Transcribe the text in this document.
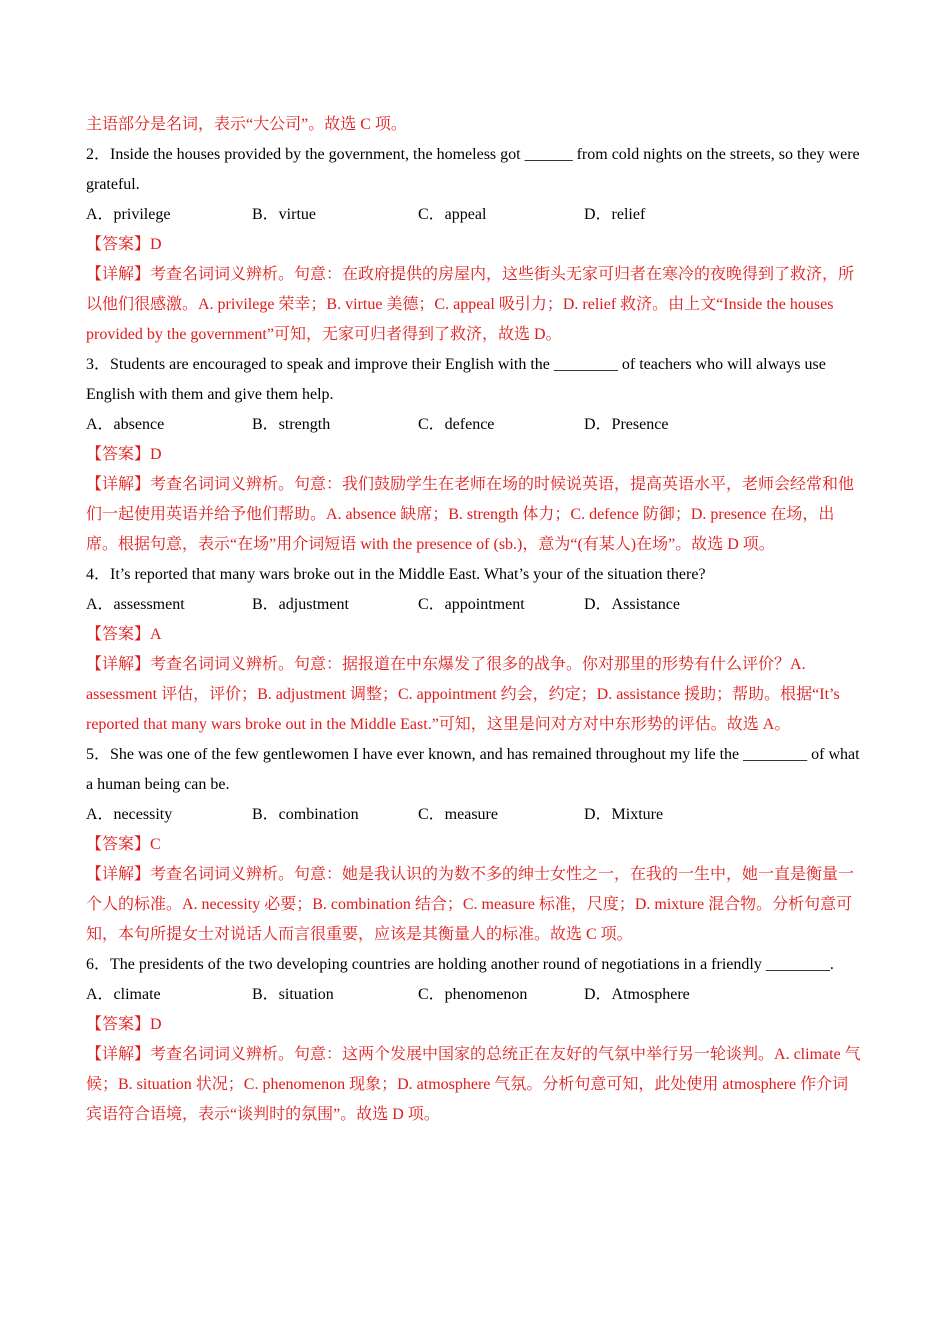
主语部分是名词，表示“大公司”。故选 C 项。

2．Inside the houses provided by the government, the homeless got ______ from cold nights on the streets, so they were grateful.

A．privilege	B．virtue	C．appeal	D．relief

【答案】D

【详解】考查名词词义辨析。句意：在政府提供的房屋内，这些街头无家可归者在寒冷的夜晚得到了救济，所以他们很感激。A. privilege 荣幸；B. virtue 美德；C. appeal 吸引力；D. relief 救济。由上文“Inside the houses provided by the government”可知，无家可归者得到了救济，故选 D。

3．Students are encouraged to speak and improve their English with the ________ of teachers who will always use English with them and give them help.

A．absence	B．strength	C．defence	D．Presence

【答案】D

【详解】考查名词词义辨析。句意：我们鼓励学生在老师在场的时候说英语，提高英语水平，老师会经常和他们一起使用英语并给予他们帮助。A. absence 缺席；B. strength 体力；C. defence 防御；D. presence 在场，出席。根据句意，表示“在场”用介词短语 with the presence of (sb.)，意为“(有某人)在场”。故选 D 项。

4．It’s reported that many wars broke out in the Middle East. What’s your of the situation there?

A．assessment	B．adjustment	C．appointment	D．Assistance

【答案】A

【详解】考查名词词义辨析。句意：据报道在中东爆发了很多的战争。你对那里的形势有什么评价？A. assessment 评估，评价；B. adjustment 调整；C. appointment 约会，约定；D. assistance 援助；帮助。根据“It’s reported that many wars broke out in the Middle East.”可知，这里是问对方对中东形势的评估。故选 A。

5．She was one of the few gentlewomen I have ever known, and has remained throughout my life the ________ of what a human being can be.

A．necessity	B．combination	C．measure	D．Mixture

【答案】C

【详解】考查名词词义辨析。句意：她是我认识的为数不多的绅士女性之一，在我的一生中，她一直是衡量一个人的标准。A. necessity 必要；B. combination 结合；C. measure 标准，尺度；D. mixture 混合物。分析句意可知，本句所提女士对说话人而言很重要，应该是其衡量人的标准。故选 C 项。

6．The presidents of the two developing countries are holding another round of negotiations in a friendly ________.

A．climate	B．situation	C．phenomenon	D．Atmosphere

【答案】D

【详解】考查名词词义辨析。句意：这两个发展中国家的总统正在友好的气氛中举行另一轮谈判。A. climate 气候；B. situation 状况；C. phenomenon 现象；D. atmosphere 气氛。分析句意可知，此处使用 atmosphere 作介词宾语符合语境，表示“谈判时的氛围”。故选 D 项。
